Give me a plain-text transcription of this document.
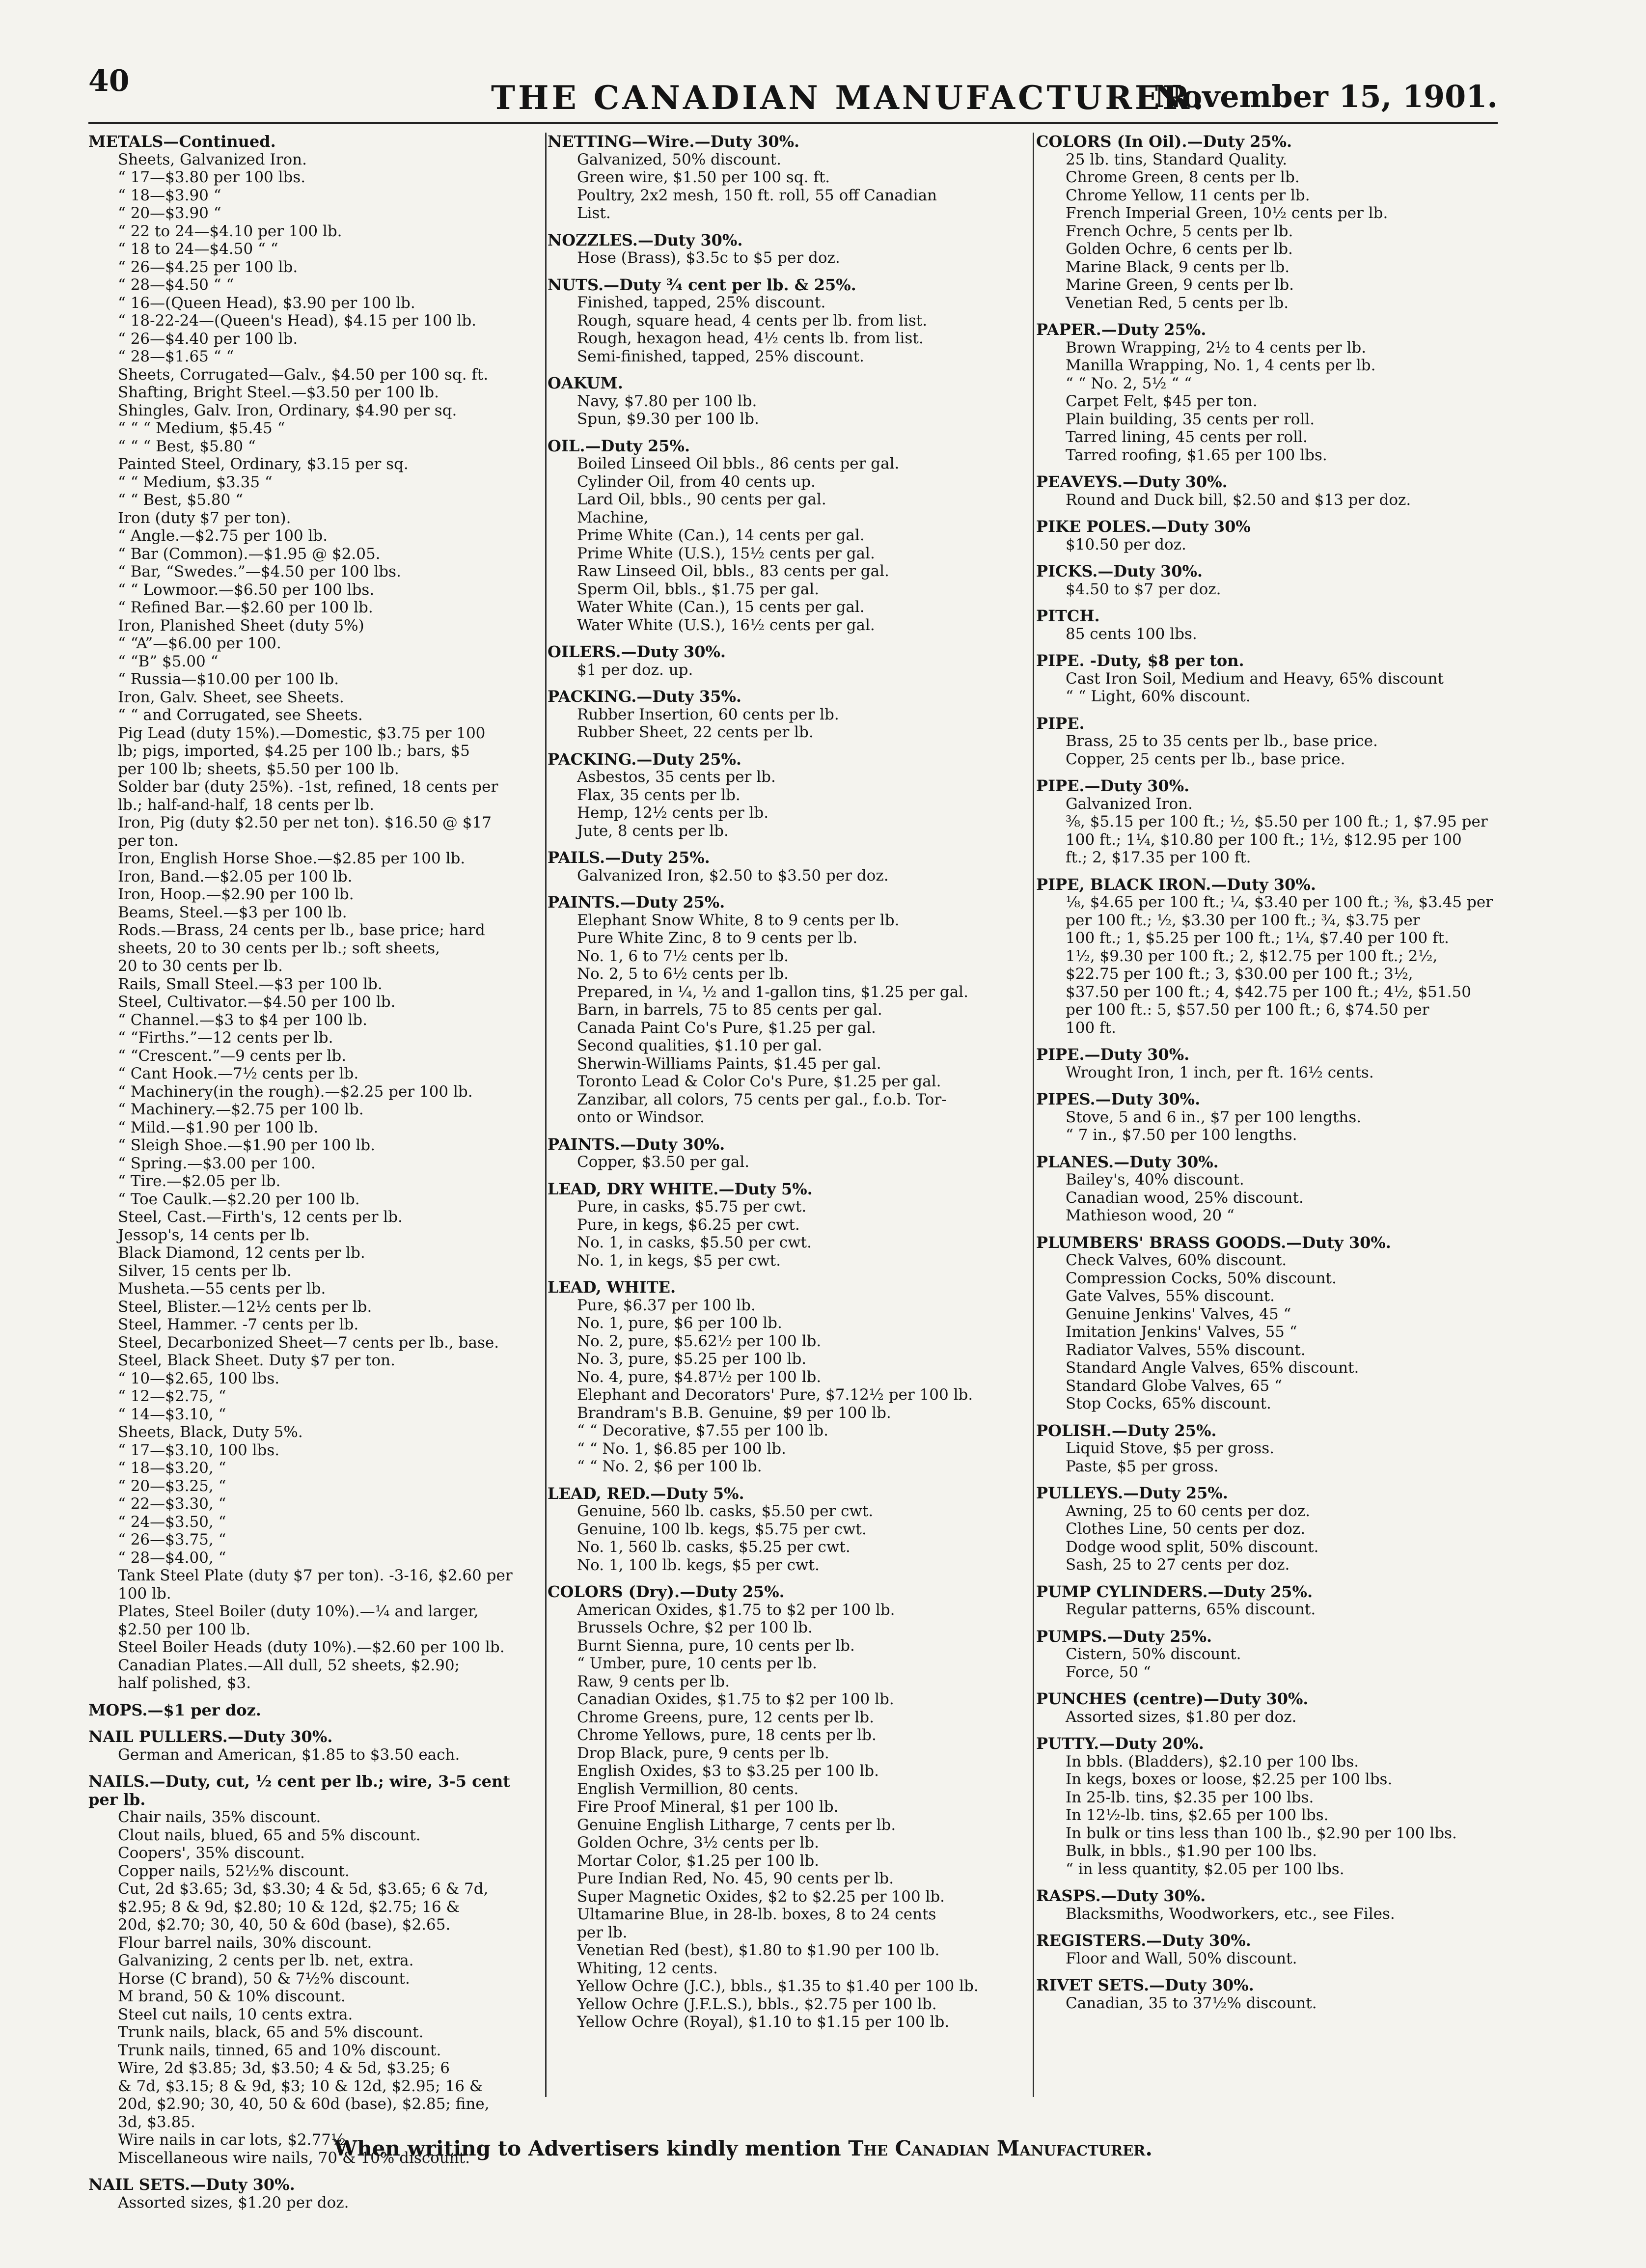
40	THE CANADIAN MANUFACTURER.
November 15, 1901.
METALS—Continued.
Sheets, Galvanized Iron.
“ 17—$3.80 per 100 lbs.
“ 18—$3.90 “
“ 20—$3.90 “
“ 22 to 24—$4.10 per 100 lb.
“ 18 to 24—$4.50 “ “
“ 26—$4.25 per 100 lb.
“ 28—$4.50 “ “
“ 16—(Queen Head), $3.90 per 100 lb.
“ 18-22-24—(Queen's Head), $4.15 per 100 lb.
“ 26—$4.40 per 100 lb.
“ 28—$1.65 “ “
Sheets, Corrugated—Galv., $4.50 per 100 sq. ft.
Shafting, Bright Steel.—$3.50 per 100 lb.
Shingles, Galv. Iron, Ordinary, $4.90 per sq.
“ “ “ Medium, $5.45 “
“ “ “ Best, $5.80 “
Painted Steel, Ordinary, $3.15 per sq.
“ “ Medium, $3.35 “
“ “ Best, $5.80 “
Iron (duty $7 per ton).
“ Angle.—$2.75 per 100 lb.
“ Bar (Common).—$1.95 @ $2.05.
“ Bar, “Swedes.”—$4.50 per 100 lbs.
“ “ Lowmoor.—$6.50 per 100 lbs.
“ Refined Bar.—$2.60 per 100 lb.
Iron, Planished Sheet (duty 5%)
“ “A”—$6.00 per 100.
“ “B” $5.00 “
“ Russia—$10.00 per 100 lb.
Iron, Galv. Sheet, see Sheets.
“ “ and Corrugated, see Sheets.
Pig Lead (duty 15%).—Domestic, $3.75 per 100
lb; pigs, imported, $4.25 per 100 lb.; bars, $5
per 100 lb; sheets, $5.50 per 100 lb.
Solder bar (duty 25%). -1st, refined, 18 cents per
lb.; half-and-half, 18 cents per lb.
Iron, Pig (duty $2.50 per net ton). $16.50 @ $17
per ton.
Iron, English Horse Shoe.—$2.85 per 100 lb.
Iron, Band.—$2.05 per 100 lb.
Iron, Hoop.—$2.90 per 100 lb.
Beams, Steel.—$3 per 100 lb.
Rods.—Brass, 24 cents per lb., base price; hard
sheets, 20 to 30 cents per lb.; soft sheets,
20 to 30 cents per lb.
Rails, Small Steel.—$3 per 100 lb.
Steel, Cultivator.—$4.50 per 100 lb.
“ Channel.—$3 to $4 per 100 lb.
“ “Firths.”—12 cents per lb.
“ “Crescent.”—9 cents per lb.
“ Cant Hook.—7½ cents per lb.
“ Machinery(in the rough).—$2.25 per 100 lb.
“ Machinery.—$2.75 per 100 lb.
“ Mild.—$1.90 per 100 lb.
“ Sleigh Shoe.—$1.90 per 100 lb.
“ Spring.—$3.00 per 100.
“ Tire.—$2.05 per lb.
“ Toe Caulk.—$2.20 per 100 lb.
Steel, Cast.—Firth's, 12 cents per lb.
Jessop's, 14 cents per lb.
Black Diamond, 12 cents per lb.
Silver, 15 cents per lb.
Musheta.—55 cents per lb.
Steel, Blister.—12½ cents per lb.
Steel, Hammer. -7 cents per lb.
Steel, Decarbonized Sheet—7 cents per lb., base.
Steel, Black Sheet. Duty $7 per ton.
“ 10—$2.65, 100 lbs.
“ 12—$2.75, “
“ 14—$3.10, “
Sheets, Black, Duty 5%.
“ 17—$3.10, 100 lbs.
“ 18—$3.20, “
“ 20—$3.25, “
“ 22—$3.30, “
“ 24—$3.50, “
“ 26—$3.75, “
“ 28—$4.00, “
Tank Steel Plate (duty $7 per ton). -3-16, $2.60 per
100 lb.
Plates, Steel Boiler (duty 10%).—¼ and larger,
$2.50 per 100 lb.
Steel Boiler Heads (duty 10%).—$2.60 per 100 lb.
Canadian Plates.—All dull, 52 sheets, $2.90;
half polished, $3.
MOPS.—$1 per doz.
NAIL PULLERS.—Duty 30%.
German and American, $1.85 to $3.50 each.
NAILS.—Duty, cut, ½ cent per lb.; wire, 3-5 cent per lb.
Chair nails, 35% discount.
Clout nails, blued, 65 and 5% discount.
Coopers', 35% discount.
Copper nails, 52½% discount.
Cut, 2d $3.65; 3d, $3.30; 4 & 5d, $3.65; 6 & 7d,
$2.95; 8 & 9d, $2.80; 10 & 12d, $2.75; 16 &
20d, $2.70; 30, 40, 50 & 60d (base), $2.65.
Flour barrel nails, 30% discount.
Galvanizing, 2 cents per lb. net, extra.
Horse (C brand), 50 & 7½% discount.
M brand, 50 & 10% discount.
Steel cut nails, 10 cents extra.
Trunk nails, black, 65 and 5% discount.
Trunk nails, tinned, 65 and 10% discount.
Wire, 2d $3.85; 3d, $3.50; 4 & 5d, $3.25; 6
& 7d, $3.15; 8 & 9d, $3; 10 & 12d, $2.95; 16 &
20d, $2.90; 30, 40, 50 & 60d (base), $2.85; fine,
3d, $3.85.
Wire nails in car lots, $2.77½.
Miscellaneous wire nails, 70 & 10% discount.
NAIL SETS.—Duty 30%.
Assorted sizes, $1.20 per doz.
NETTING—Wire.—Duty 30%.
Galvanized, 50% discount.
Green wire, $1.50 per 100 sq. ft.
Poultry, 2x2 mesh, 150 ft. roll, 55 off Canadian
List.
NOZZLES.—Duty 30%.
Hose (Brass), $3.5c to $5 per doz.
NUTS.—Duty ¾ cent per lb. & 25%.
Finished, tapped, 25% discount.
Rough, square head, 4 cents per lb. from list.
Rough, hexagon head, 4½ cents lb. from list.
Semi-finished, tapped, 25% discount.
OAKUM.
Navy, $7.80 per 100 lb.
Spun, $9.30 per 100 lb.
OIL.—Duty 25%.
Boiled Linseed Oil bbls., 86 cents per gal.
Cylinder Oil, from 40 cents up.
Lard Oil, bbls., 90 cents per gal.
Machine,
Prime White (Can.), 14 cents per gal.
Prime White (U.S.), 15½ cents per gal.
Raw Linseed Oil, bbls., 83 cents per gal.
Sperm Oil, bbls., $1.75 per gal.
Water White (Can.), 15 cents per gal.
Water White (U.S.), 16½ cents per gal.
OILERS.—Duty 30%.
$1 per doz. up.
PACKING.—Duty 35%.
Rubber Insertion, 60 cents per lb.
Rubber Sheet, 22 cents per lb.
PACKING.—Duty 25%.
Asbestos, 35 cents per lb.
Flax, 35 cents per lb.
Hemp, 12½ cents per lb.
Jute, 8 cents per lb.
PAILS.—Duty 25%.
Galvanized Iron, $2.50 to $3.50 per doz.
PAINTS.—Duty 25%.
Elephant Snow White, 8 to 9 cents per lb.
Pure White Zinc, 8 to 9 cents per lb.
No. 1, 6 to 7½ cents per lb.
No. 2, 5 to 6½ cents per lb.
Prepared, in ¼, ½ and 1-gallon tins, $1.25 per gal.
Barn, in barrels, 75 to 85 cents per gal.
Canada Paint Co's Pure, $1.25 per gal.
Second qualities, $1.10 per gal.
Sherwin-Williams Paints, $1.45 per gal.
Toronto Lead & Color Co's Pure, $1.25 per gal.
Zanzibar, all colors, 75 cents per gal., f.o.b. Tor-
onto or Windsor.
PAINTS.—Duty 30%.
Copper, $3.50 per gal.
LEAD, DRY WHITE.—Duty 5%.
Pure, in casks, $5.75 per cwt.
Pure, in kegs, $6.25 per cwt.
No. 1, in casks, $5.50 per cwt.
No. 1, in kegs, $5 per cwt.
LEAD, WHITE.
Pure, $6.37 per 100 lb.
No. 1, pure, $6 per 100 lb.
No. 2, pure, $5.62½ per 100 lb.
No. 3, pure, $5.25 per 100 lb.
No. 4, pure, $4.87½ per 100 lb.
Elephant and Decorators' Pure, $7.12½ per 100 lb.
Brandram's B.B. Genuine, $9 per 100 lb.
“ “ Decorative, $7.55 per 100 lb.
“ “ No. 1, $6.85 per 100 lb.
“ “ No. 2, $6 per 100 lb.
LEAD, RED.—Duty 5%.
Genuine, 560 lb. casks, $5.50 per cwt.
Genuine, 100 lb. kegs, $5.75 per cwt.
No. 1, 560 lb. casks, $5.25 per cwt.
No. 1, 100 lb. kegs, $5 per cwt.
COLORS (Dry).—Duty 25%.
American Oxides, $1.75 to $2 per 100 lb.
Brussels Ochre, $2 per 100 lb.
Burnt Sienna, pure, 10 cents per lb.
“ Umber, pure, 10 cents per lb.
Raw, 9 cents per lb.
Canadian Oxides, $1.75 to $2 per 100 lb.
Chrome Greens, pure, 12 cents per lb.
Chrome Yellows, pure, 18 cents per lb.
Drop Black, pure, 9 cents per lb.
English Oxides, $3 to $3.25 per 100 lb.
English Vermillion, 80 cents.
Fire Proof Mineral, $1 per 100 lb.
Genuine English Litharge, 7 cents per lb.
Golden Ochre, 3½ cents per lb.
Mortar Color, $1.25 per 100 lb.
Pure Indian Red, No. 45, 90 cents per lb.
Super Magnetic Oxides, $2 to $2.25 per 100 lb.
Ultamarine Blue, in 28-lb. boxes, 8 to 24 cents
per lb.
Venetian Red (best), $1.80 to $1.90 per 100 lb.
Whiting, 12 cents.
Yellow Ochre (J.C.), bbls., $1.35 to $1.40 per 100 lb.
Yellow Ochre (J.F.L.S.), bbls., $2.75 per 100 lb.
Yellow Ochre (Royal), $1.10 to $1.15 per 100 lb.
COLORS (In Oil).—Duty 25%.
25 lb. tins, Standard Quality.
Chrome Green, 8 cents per lb.
Chrome Yellow, 11 cents per lb.
French Imperial Green, 10½ cents per lb.
French Ochre, 5 cents per lb.
Golden Ochre, 6 cents per lb.
Marine Black, 9 cents per lb.
Marine Green, 9 cents per lb.
Venetian Red, 5 cents per lb.
PAPER.—Duty 25%.
Brown Wrapping, 2½ to 4 cents per lb.
Manilla Wrapping, No. 1, 4 cents per lb.
“ “ No. 2, 5½ “ “
Carpet Felt, $45 per ton.
Plain building, 35 cents per roll.
Tarred lining, 45 cents per roll.
Tarred roofing, $1.65 per 100 lbs.
PEAVEYS.—Duty 30%.
Round and Duck bill, $2.50 and $13 per doz.
PIKE POLES.—Duty 30%
$10.50 per doz.
PICKS.—Duty 30%.
$4.50 to $7 per doz.
PITCH.
85 cents 100 lbs.
PIPE. -Duty, $8 per ton.
Cast Iron Soil, Medium and Heavy, 65% discount
“ “ Light, 60% discount.
PIPE.
Brass, 25 to 35 cents per lb., base price.
Copper, 25 cents per lb., base price.
PIPE.—Duty 30%.
Galvanized Iron.
⅜, $5.15 per 100 ft.; ½, $5.50 per 100 ft.; 1, $7.95 per
100 ft.; 1¼, $10.80 per 100 ft.; 1½, $12.95 per 100
ft.; 2, $17.35 per 100 ft.
PIPE, BLACK IRON.—Duty 30%.
⅛, $4.65 per 100 ft.; ¼, $3.40 per 100 ft.; ⅜, $3.45 per
per 100 ft.; ½, $3.30 per 100 ft.; ¾, $3.75 per
100 ft.; 1, $5.25 per 100 ft.; 1¼, $7.40 per 100 ft.
1½, $9.30 per 100 ft.; 2, $12.75 per 100 ft.; 2½,
$22.75 per 100 ft.; 3, $30.00 per 100 ft.; 3½,
$37.50 per 100 ft.; 4, $42.75 per 100 ft.; 4½, $51.50
per 100 ft.: 5, $57.50 per 100 ft.; 6, $74.50 per
100 ft.
PIPE.—Duty 30%.
Wrought Iron, 1 inch, per ft. 16½ cents.
PIPES.—Duty 30%.
Stove, 5 and 6 in., $7 per 100 lengths.
“ 7 in., $7.50 per 100 lengths.
PLANES.—Duty 30%.
Bailey's, 40% discount.
Canadian wood, 25% discount.
Mathieson wood, 20 “
PLUMBERS' BRASS GOODS.—Duty 30%.
Check Valves, 60% discount.
Compression Cocks, 50% discount.
Gate Valves, 55% discount.
Genuine Jenkins' Valves, 45 “
Imitation Jenkins' Valves, 55 “
Radiator Valves, 55% discount.
Standard Angle Valves, 65% discount.
Standard Globe Valves, 65 “
Stop Cocks, 65% discount.
POLISH.—Duty 25%.
Liquid Stove, $5 per gross.
Paste, $5 per gross.
PULLEYS.—Duty 25%.
Awning, 25 to 60 cents per doz.
Clothes Line, 50 cents per doz.
Dodge wood split, 50% discount.
Sash, 25 to 27 cents per doz.
PUMP CYLINDERS.—Duty 25%.
Regular patterns, 65% discount.
PUMPS.—Duty 25%.
Cistern, 50% discount.
Force, 50 “
PUNCHES (centre)—Duty 30%.
Assorted sizes, $1.80 per doz.
PUTTY.—Duty 20%.
In bbls. (Bladders), $2.10 per 100 lbs.
In kegs, boxes or loose, $2.25 per 100 lbs.
In 25-lb. tins, $2.35 per 100 lbs.
In 12½-lb. tins, $2.65 per 100 lbs.
In bulk or tins less than 100 lb., $2.90 per 100 lbs.
Bulk, in bbls., $1.90 per 100 lbs.
“ in less quantity, $2.05 per 100 lbs.
RASPS.—Duty 30%.
Blacksmiths, Woodworkers, etc., see Files.
REGISTERS.—Duty 30%.
Floor and Wall, 50% discount.
RIVET SETS.—Duty 30%.
Canadian, 35 to 37½% discount.
When writing to Advertisers kindly mention The Canadian Manufacturer.
